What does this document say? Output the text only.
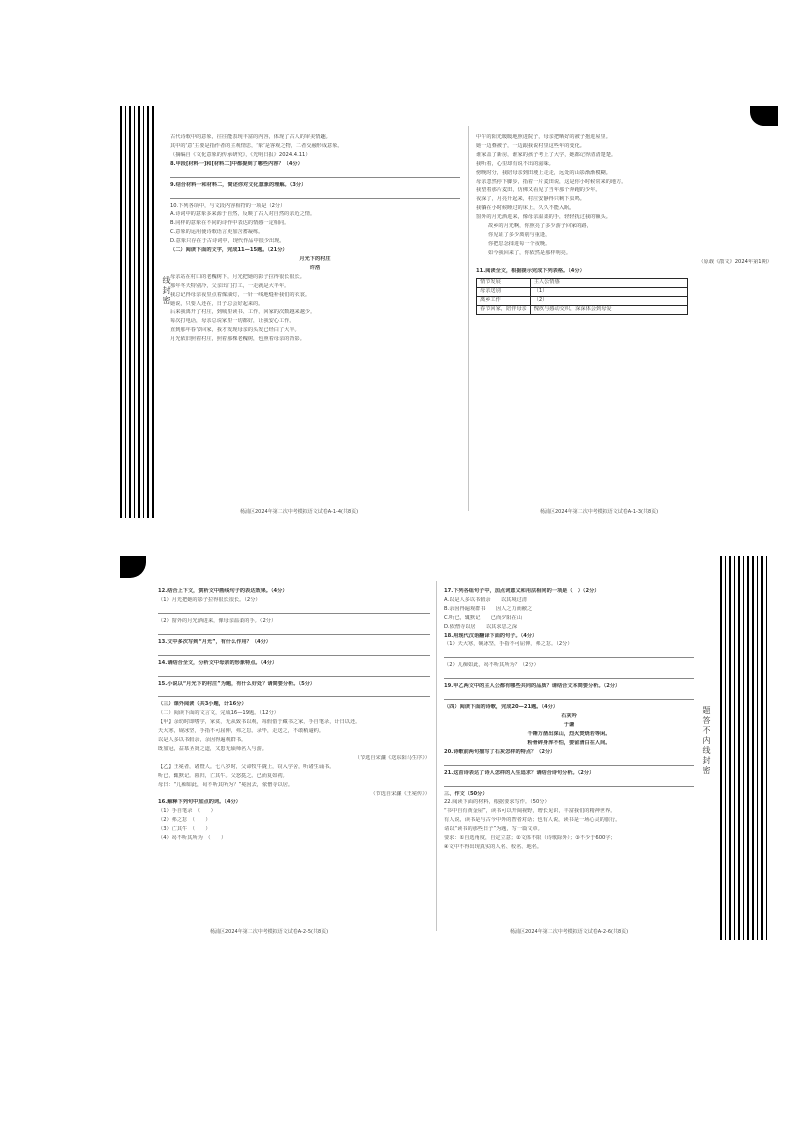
线封密

古代诗歌中的意象，往往能表现丰富的内容，体现了古人的审美情趣。

其中的‘意’主要是指作者的主观情思，‘象’是客观之物，二者交融形成意象。

（摘编自《文化意象的传承研究》，《光明日报》2024.4.11）

8.甲段[材料一]和[材料二]中都提到了哪些内容？（4分）

9.结合材料一和材料二，简述你对文化意象的理解。（3分）

10.下列各项中，与文段内容相符的一项是（2分）

A.诗词中的意象多来源于自然，反映了古人对自然的亲近之情。

B.同样的意象在不同的诗作中表达的情感一定相同。

C.意象的运用使诗歌语言更加含蓄凝练。

D.意象只存在于古诗词中，现代作品中很少出现。

（二）阅读下面的文字，完成11—15题。（21分）

月光下的村庄

许浩

母亲站在村口的老槐树下，月光把她的影子拉得很长很长。

那年冬天特别冷，父亲出门打工，一走就是大半年。

我总记得母亲夜里点着煤油灯，一针一线地缝补我们的衣裳。

她说，只要人还在，日子总会好起来的。

后来我离开了村庄，到城里读书、工作，回家的次数越来越少。

每次打电话，母亲总说家里一切都好，让我安心工作。

直到那年春节回家，我才发现母亲的头发已经白了大半。

月光依旧照着村庄，照着那棵老槐树，也照着母亲的背影。

杨浦区2024年第二次中考模拟语文试卷A-1-4(共8页)

中午的阳光暖暖地照进院子，母亲把晒好的被子抱进屋里。

她一边叠被子，一边跟我说村里这些年的变化。

谁家盖了新房，谁家的孩子考上了大学，她都记得清清楚楚。

我听着，心里却有说不出的滋味。

傍晚时分，我陪母亲到田埂上走走，远处的山影渐渐模糊。

母亲忽然停下脚步，指着一片麦田说，这是你小时候常来的地方。

我望着那片麦田，仿佛又看见了当年那个奔跑的少年。

夜深了，月亮升起来，村庄安静得只剩下虫鸣。

我躺在小时候睡过的床上，久久不能入眠。

窗外的月光洒进来，像母亲温柔的手，轻轻抚过我的额头。

故乡的月光啊，你照亮了多少游子回家的路，

你见证了多少离别与重逢，

你把思念揉进每一个夜晚。

如今我回来了，你依然是那样明亮。

（原载《散文》2024年第1期）

11.阅读全文，根据提示完成下列表格。（4分）

情节发展	主人公情感
母亲送别	（1）
离乡工作	（2）
春节回家，陪伴母亲	愧疚与感动交织，深深体会到母爱
杨浦区2024年第二次中考模拟语文试卷A-1-3(共8页)

12.结合上下文，赏析文中画线句子的表达效果。（4分）

（1）月光把她的影子拉得很长很长。（2分）

（2）窗外的月光洒进来，像母亲温柔的手。（2分）

13.文中多次写到“月光”，有什么作用？（4分）

14.请结合全文，分析文中母亲的形象特点。（4分）

15.小说以“月光下的村庄”为题，有什么好处？请简要分析。（5分）

（三）课外阅读（共3小题，计16分）

（二）阅读下面的文言文，完成16—19题。（12分）

【甲】余幼时即嗜学，家贫，无从致书以观，每假借于藏书之家，手自笔录，计日以还。

天大寒，砚冰坚，手指不可屈伸，弗之怠。录毕，走送之，不敢稍逾约。

以是人多以书假余，余因得遍观群书。

既加冠，益慕圣贤之道，又患无硕师名人与游。

（节选自宋濂《送东阳马生序》）

【乙】王冕者，诸暨人。七八岁时，父命牧牛陇上，窃入学舍，听诸生诵书。

听已，辄默记。暮归，亡其牛。父怒挞之。已而复如初。

母曰：“儿痴如此，曷不听其所为？”冕因去，依僧寺以居。

（节选自宋濂《王冕传》）

16.解释下列句中加点的词。（4分）

（1）手自笔录　（　　）

（2）弗之怠　（　　）

（3）亡其牛　（　　）

（4）曷不听其所为　（　　）

杨浦区2024年第二次中考模拟语文试卷A-2-5(共8页)

17.下列各组句子中，加点词意义和用法相同的一项是（　）（2分）

A.以是人多以书假余　　以其境过清

B.余因得遍观群书　　因人之力而敝之

C.听已，辄默记　　已而夕阳在山

D.依僧寺以居　　以其求思之深

18.用现代汉语翻译下面的句子。（4分）

（1）天大寒，砚冰坚，手指不可屈伸，弗之怠。（2分）

（2）儿痴如此，曷不听其所为？（2分）

19.甲乙两文中的主人公都有哪些共同的品质？请结合文本简要分析。（2分）

（四）阅读下面的诗歌，完成20—21题。（4分）

石灰吟

于谦

千锤万凿出深山，烈火焚烧若等闲。

粉骨碎身浑不怕，要留清白在人间。

20.诗歌前两句描写了石灰怎样的特点？（2分）

21.这首诗表达了诗人怎样的人生追求？请结合诗句分析。（2分）

三、作文（50分）

22.阅读下面的材料，根据要求写作。（50分）

“书中自有黄金屋”，读书可以开阔视野，增长见识，丰富我们的精神世界。

有人说，读书是与古今中外的智者对话；也有人说，读书是一场心灵的旅行。

请以“读书的那些日子”为题，写一篇文章。

要求：①自选角度，自定立意；②文体不限（诗歌除外）；③不少于600字；

④文中不得出现真实的人名、校名、地名。

杨浦区2024年第二次中考模拟语文试卷A-2-6(共8页)
题答不内线封密
